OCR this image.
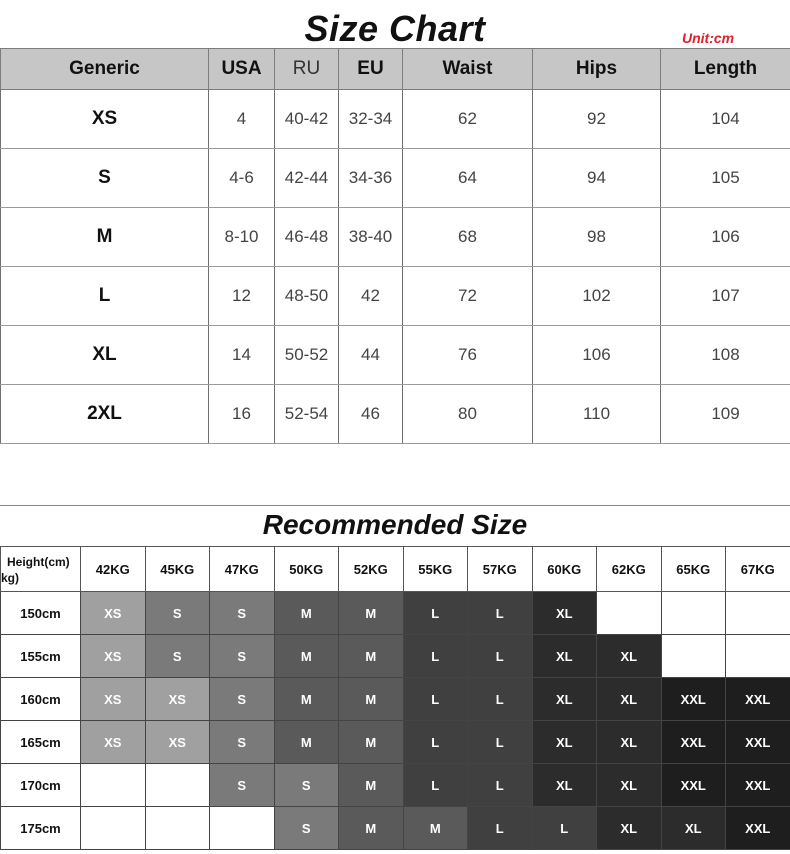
Size Chart	Unit:cm
Generic	USA	RU	EU	Waist	Hips	Length
XS	4	40-42	32-34	62	92	104
S	4-6	42-44	34-36	64	94	105
M	8-10	46-48	38-40	68	98	106
L	12	48-50	42	72	102	107
XL	14	50-52	44	76	106	108
2XL	16	52-54	46	80	110	109
Recommended Size
Height(cm)
kg)	42KG	45KG	47KG	50KG	52KG	55KG	57KG	60KG	62KG	65KG	67KG
150cm	XS	S	S	M	M	L	L	XL			
155cm	XS	S	S	M	M	L	L	XL	XL		
160cm	XS	XS	S	M	M	L	L	XL	XL	XXL	XXL
165cm	XS	XS	S	M	M	L	L	XL	XL	XXL	XXL
170cm			S	S	M	L	L	XL	XL	XXL	XXL
175cm				S	M	M	L	L	XL	XL	XXL
